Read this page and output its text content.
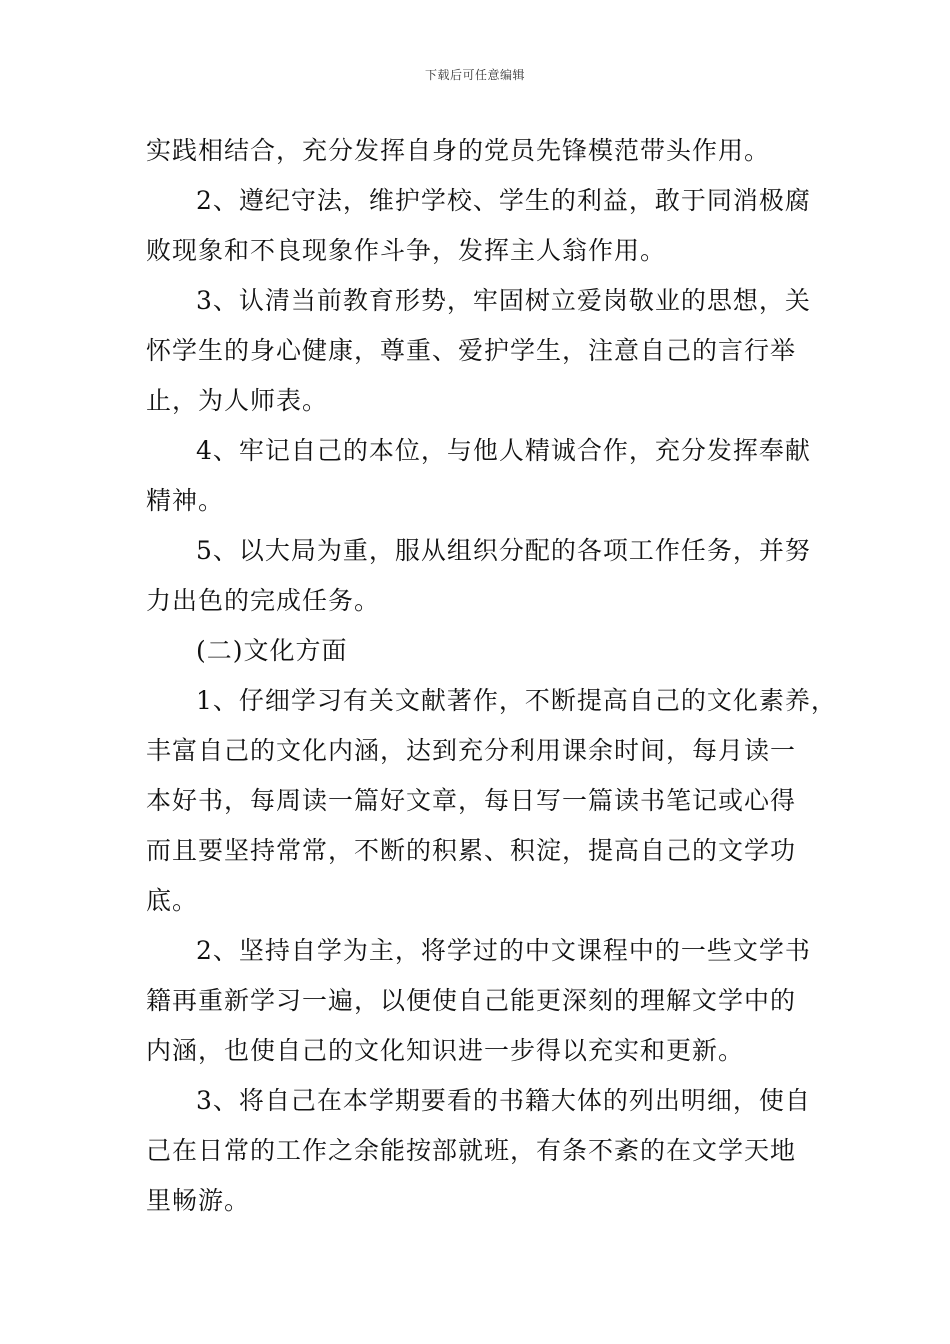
下载后可任意编辑
实践相结合，充分发挥自身的党员先锋模范带头作用。
2、遵纪守法，维护学校、学生的利益，敢于同消极腐
败现象和不良现象作斗争，发挥主人翁作用。
3、认清当前教育形势，牢固树立爱岗敬业的思想，关
怀学生的身心健康，尊重、爱护学生，注意自己的言行举
止，为人师表。
4、牢记自己的本位，与他人精诚合作，充分发挥奉献
精神。
5、以大局为重，服从组织分配的各项工作任务，并努
力出色的完成任务。
(二)文化方面
1、仔细学习有关文献著作，不断提高自己的文化素养，
丰富自己的文化内涵，达到充分利用课余时间，每月读一
本好书，每周读一篇好文章，每日写一篇读书笔记或心得
而且要坚持常常，不断的积累、积淀，提高自己的文学功
底。
2、坚持自学为主，将学过的中文课程中的一些文学书
籍再重新学习一遍，以便使自己能更深刻的理解文学中的
内涵，也使自己的文化知识进一步得以充实和更新。
3、将自己在本学期要看的书籍大体的列出明细，使自
己在日常的工作之余能按部就班，有条不紊的在文学天地
里畅游。
